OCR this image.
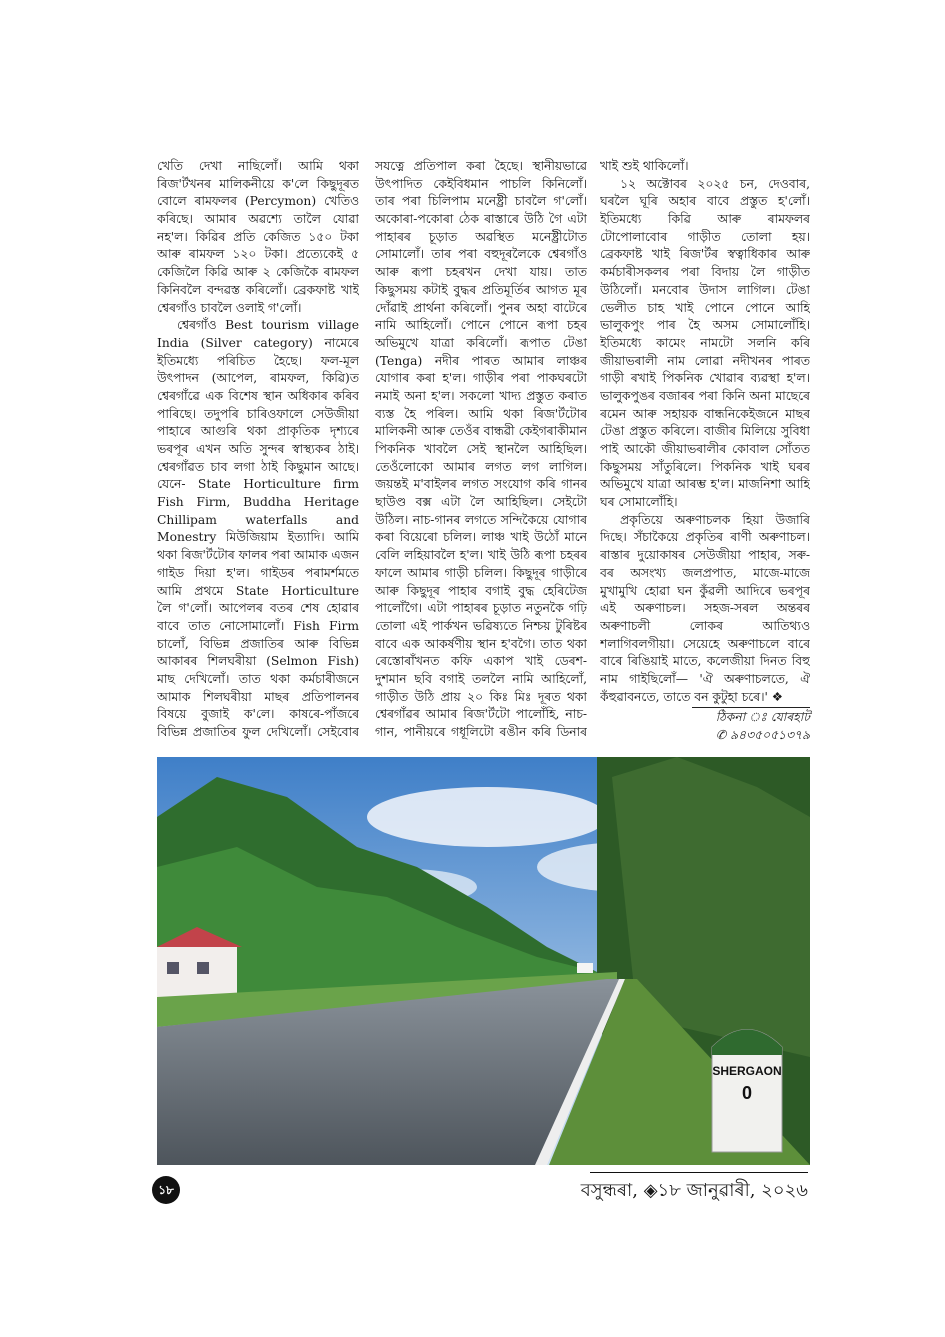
খেতি দেখা নাছিলোঁ। আমি থকা
ৰিজ'ৰ্টখনৰ মালিকনীয়ে ক'লে কিছুদূৰত
বোলে ৰামফলৰ (Percymon) খেতিও
কৰিছে। আমাৰ অৱশ্যে তালৈ যোৱা
নহ'ল। কিৱিৰ প্ৰতি কেজিত ১৫০ টকা
আৰু ৰামফল ১২০ টকা। প্ৰত্যেকেই ৫
কেজিলৈ কিৱি আৰু ২ কেজিকৈ ৰামফল
কিনিবলৈ বন্দৱস্ত কৰিলোঁ। ব্ৰেকফাষ্ট খাই
শ্বেৰগাঁও চাবলৈ ওলাই গ'লোঁ।
শ্বেৰগাঁও Best tourism village
India (Silver category) নামেৰে
ইতিমধ্যে পৰিচিত হৈছে। ফল-মূল
উৎপাদন (আপেল, ৰামফল, কিৱি)ত
শ্বেৰগাঁৱে এক বিশেষ স্থান অধিকাৰ কৰিব
পাৰিছে। তদুপৰি চাৰিওফালে সেউজীয়া
পাহাৰে আগুৰি থকা প্ৰাকৃতিক দৃশ্যৰে
ভৰপূৰ এখন অতি সুন্দৰ স্বাস্থ্যকৰ ঠাই।
শ্বেৰগাঁৱত চাব লগা ঠাই কিছুমান আছে।
যেনে- State Horticulture firm
Fish Firm, Buddha Heritage
Chillipam waterfalls and
Monestry মিউজিয়াম ইত্যাদি। আমি
থকা ৰিজ'ৰ্টটোৰ ফালৰ পৰা আমাক এজন
গাইড দিয়া হ'ল। গাইডৰ পৰামৰ্শমতে
আমি প্ৰথমে State Horticulture
লৈ গ'লোঁ। আপেলৰ বতৰ শেষ হোৱাৰ
বাবে তাত নোসোমালোঁ। Fish Firm
চালোঁ, বিভিন্ন প্ৰজাতিৰ আৰু বিভিন্ন
আকাৰৰ শিলঘৰীয়া (Selmon Fish)
মাছ দেখিলোঁ। তাত থকা কৰ্মচাৰীজনে
আমাক শিলঘৰীয়া মাছৰ প্ৰতিপালনৰ
বিষয়ে বুজাই ক'লে। কাষৰে-পাঁজৰে
বিভিন্ন প্ৰজাতিৰ ফুল দেখিলোঁ। সেইবোৰ
সযত্নে প্ৰতিপাল কৰা হৈছে। স্থানীয়ভাৱে
উৎপাদিত কেইবিধমান পাচলি কিনিলোঁ।
তাৰ পৰা চিলিপাম মনেষ্ট্ৰী চাবলৈ গ'লোঁ।
অকোৰা-পকোৰা ঠেক ৰাস্তাৰে উঠি গৈ এটা
পাহাৰৰ চূড়াত অৱস্থিত মনেষ্ট্ৰীটোত
সোমালোঁ। তাৰ পৰা বহুদূৰলৈকে শ্বেৰগাঁও
আৰু ৰূপা চহৰখন দেখা যায়। তাত
কিছুসময় কটাই বুদ্ধৰ প্ৰতিমূৰ্তিৰ আগত মূৰ
দোঁৱাই প্ৰাৰ্থনা কৰিলোঁ। পুনৰ অহা বাটেৰে
নামি আহিলোঁ। পোনে পোনে ৰূপা চহৰ
অভিমুখে যাত্ৰা কৰিলোঁ। ৰূপাত টেঙা
(Tenga) নদীৰ পাৰত আমাৰ লাঞ্চৰ
যোগাৰ কৰা হ'ল। গাড়ীৰ পৰা পাকঘৰটো
নমাই অনা হ'ল। সকলো খাদ্য প্ৰস্তুত কৰাত
ব্যস্ত হৈ পৰিল। আমি থকা ৰিজ'ৰ্টটোৰ
মালিকনী আৰু তেওঁৰ বান্ধৱী কেইগৰাকীমান
পিকনিক খাবলৈ সেই স্থানলৈ আহিছিল।
তেওঁলোকো আমাৰ লগত লগ লাগিল।
জয়ন্তই ম'বাইলৰ লগত সংযোগ কৰি গানৰ
ছাউণ্ড বক্স এটা লৈ আহিছিল। সেইটো
উঠিল। নাচ-গানৰ লগতে সন্দিকৈয়ে যোগাৰ
কৰা বিয়েৰো চলিল। লাঞ্চ খাই উঠোঁ মানে
বেলি লহিয়াবলৈ হ'ল। খাই উঠি ৰূপা চহৰৰ
ফালে আমাৰ গাড়ী চলিল। কিছুদূৰ গাড়ীৰে
আৰু কিছুদূৰ পাহাৰ বগাই বুদ্ধ হেৰিটেজ
পালোঁগৈ। এটা পাহাৰৰ চূড়াত নতুনকৈ গঢ়ি
তোলা এই পাৰ্কখন ভৱিষ্যতে নিশ্চয় টুৰিষ্টৰ
বাবে এক আকৰ্ষণীয় স্থান হ'বগৈ। তাত থকা
ৰেস্তোৰাঁখনত কফি একাপ খাই ডেৰশ-
দুশমান ছবি বগাই তললৈ নামি আহিলোঁ,
গাড়ীত উঠি প্ৰায় ২০ কিঃ মিঃ দূৰত থকা
শ্বেৰগাঁৱৰ আমাৰ ৰিজ'ৰ্টটো পালোঁহি, নাচ-
গান, পানীয়ৰে গধূলিটো ৰঙীন কৰি ডিনাৰ
খাই শুই থাকিলোঁ।
১২ অক্টোবৰ ২০২৫ চন, দেওবাৰ,
ঘৰলৈ ঘূৰি অহাৰ বাবে প্ৰস্তুত হ'লোঁ।
ইতিমধ্যে কিৱি আৰু ৰামফলৰ
টোপোলাবোৰ গাড়ীত তোলা হয়।
ব্ৰেকফাষ্ট খাই ৰিজ'ৰ্টৰ স্বত্বাধিকাৰ আৰু
কৰ্মচাৰীসকলৰ পৰা বিদায় লৈ গাড়ীত
উঠিলোঁ। মনবোৰ উদাস লাগিল। টেঙা
ভেলীত চাহ খাই পোনে পোনে আহি
ভালুকপুং পাৰ হৈ অসম সোমালোঁহি।
ইতিমধ্যে কামেং নামটো সলনি কৰি
জীয়াভৰালী নাম লোৱা নদীখনৰ পাৰত
গাড়ী ৰখাই পিকনিক খোৱাৰ ব্যৱস্থা হ'ল।
ভালুকপুঙৰ বজাৰৰ পৰা কিনি অনা মাছেৰে
ৰমেন আৰু সহায়ক বান্ধনিকেইজনে মাছৰ
টেঙা প্ৰস্তুত কৰিলে। বাজীৰ মিলিয়ে সুবিধা
পাই আকৌ জীয়াভৰালীৰ কোবাল সোঁতত
কিছুসময় সাঁতুৰিলে। পিকনিক খাই ঘৰৰ
অভিমুখে যাত্ৰা আৰম্ভ হ'ল। মাজনিশা আহি
ঘৰ সোমালোঁহি।
প্ৰকৃতিয়ে অৰুণাচলক হিয়া উজাৰি
দিছে। সঁচাকৈয়ে প্ৰকৃতিৰ ৰাণী অৰুণাচল।
ৰাস্তাৰ দুয়োকাষৰ সেউজীয়া পাহাৰ, সৰু-
বৰ অসংখ্য জলপ্ৰপাত, মাজে-মাজে
মুখামুখি হোৱা ঘন কুঁৱলী আদিৰে ভৰপূৰ
এই অৰুণাচল। সহজ-সৰল অন্তৰৰ
অৰুণাচলী লোকৰ আতিথ্যও
শলাগিবলগীয়া। সেয়েহে অৰুণাচলে বাৰে
বাৰে ৰিঙিয়াই মাতে, কলেজীয়া দিনত বিহু
নাম গাইছিলোঁ— 'ঐ অৰুণাচলতে, ঐ
কঁহুৱাবনতে, তাতে বন কুটুহা চৰে।' ❖
ঠিকনা ঃ যোৰহাট
✆ ৯৪৩৫০৫১৩৭৯
SHERGAON
0
১৮	বসুন্ধৰা, ◈১৮ জানুৱাৰী, ২০২৬
